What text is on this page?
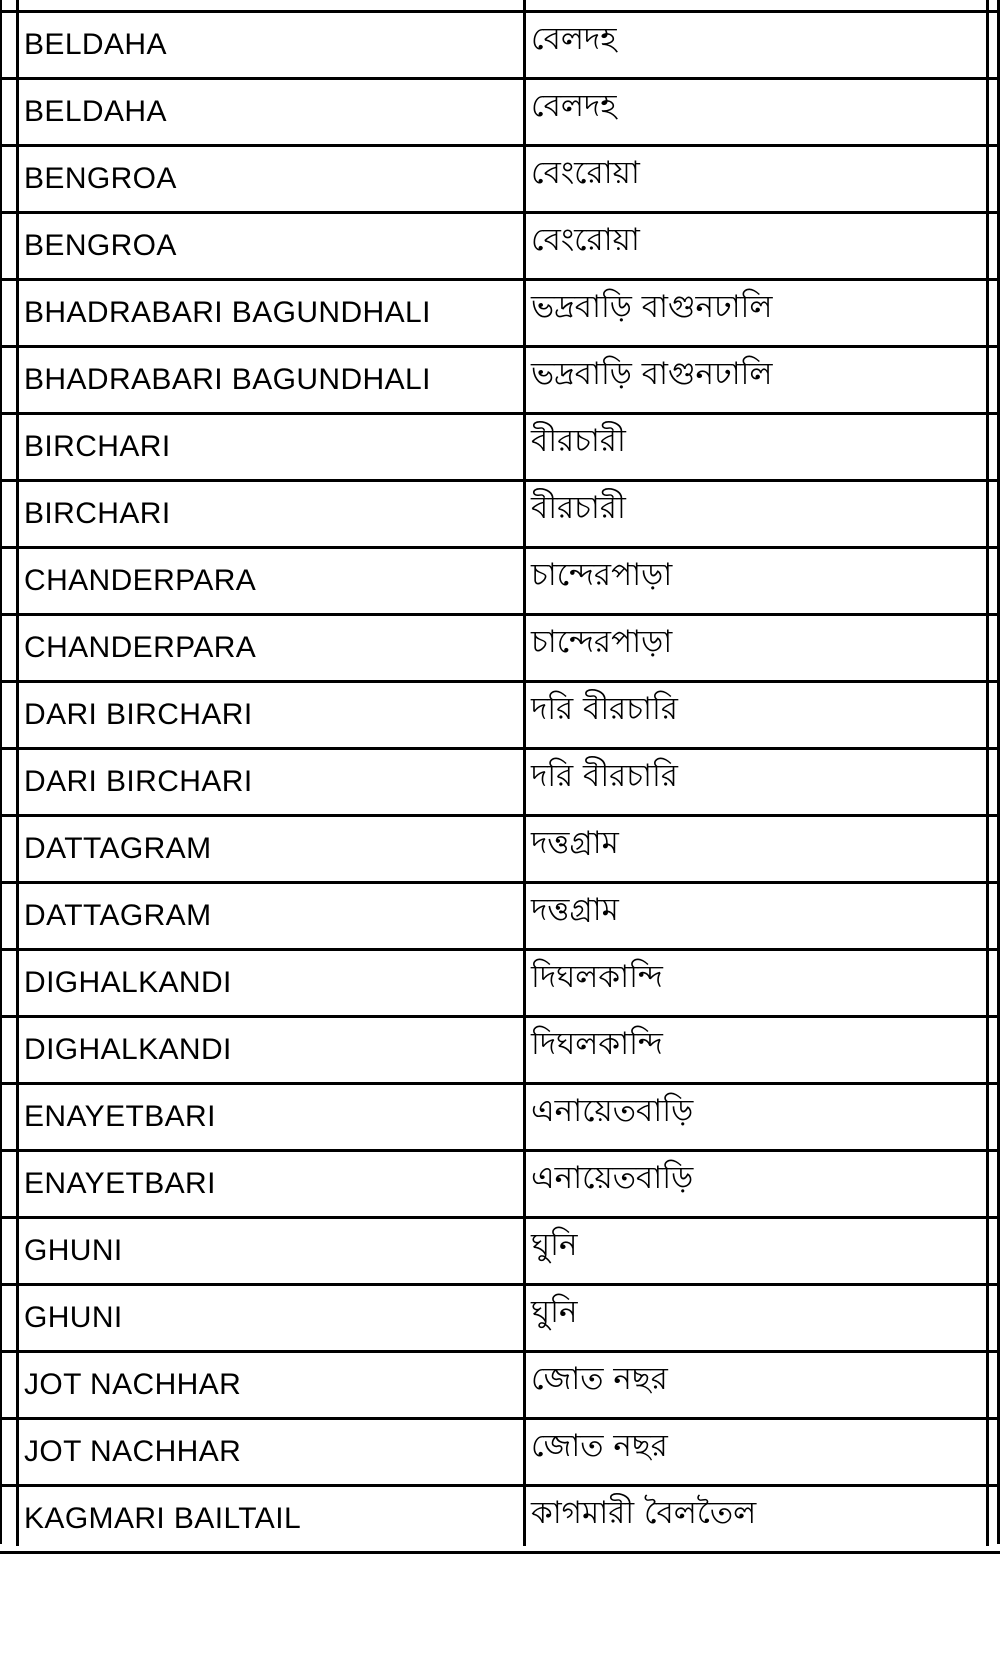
BELDAHA	বেলদহ
BELDAHA	বেলদহ
BENGROA	বেংরোয়া
BENGROA	বেংরোয়া
BHADRABARI BAGUNDHALI	ভদ্রবাড়ি বাগুনঢালি
BHADRABARI BAGUNDHALI	ভদ্রবাড়ি বাগুনঢালি
BIRCHARI	বীরচারী
BIRCHARI	বীরচারী
CHANDERPARA	চান্দেরপাড়া
CHANDERPARA	চান্দেরপাড়া
DARI BIRCHARI	দরি বীরচারি
DARI BIRCHARI	দরি বীরচারি
DATTAGRAM	দত্তগ্রাম
DATTAGRAM	দত্তগ্রাম
DIGHALKANDI	দিঘলকান্দি
DIGHALKANDI	দিঘলকান্দি
ENAYETBARI	এনায়েতবাড়ি
ENAYETBARI	এনায়েতবাড়ি
GHUNI	ঘুনি
GHUNI	ঘুনি
JOT NACHHAR	জোত নছর
JOT NACHHAR	জোত নছর
KAGMARI BAILTAIL	কাগমারী বৈলতৈল
